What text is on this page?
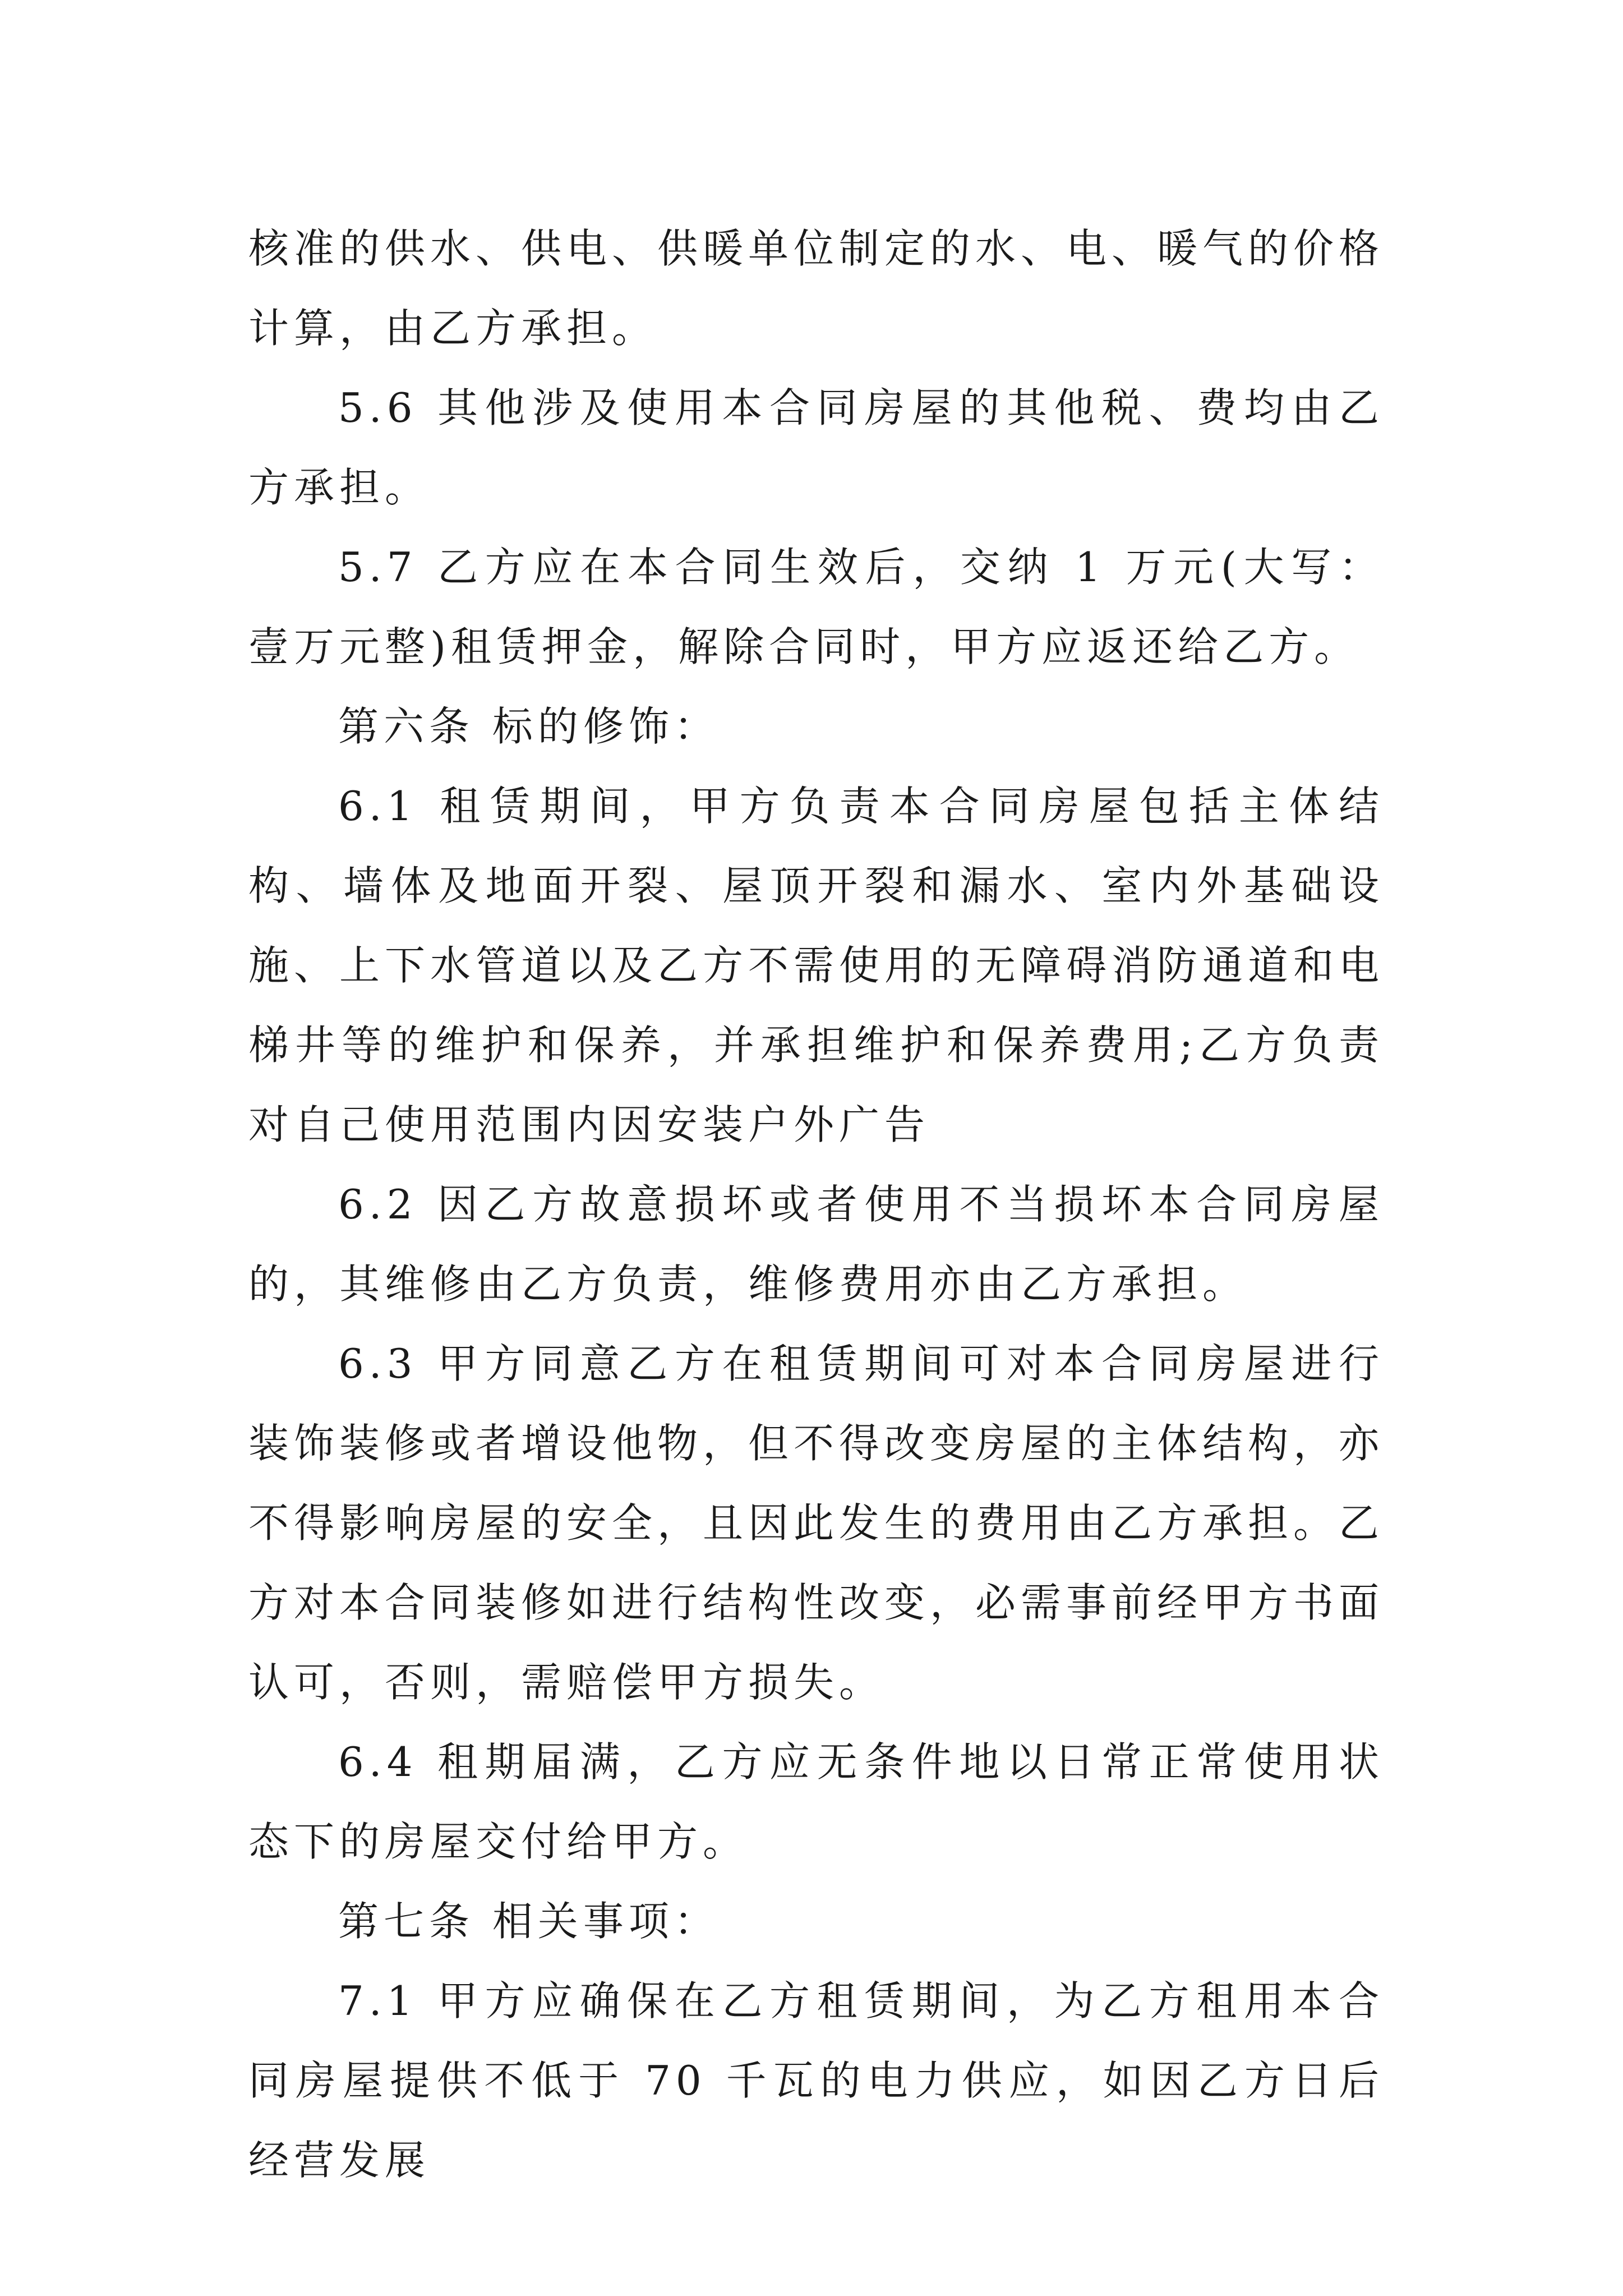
核准的供水、供电、供暖单位制定的水、电、暖气的价格计算，由乙方承担。

5.6 其他涉及使用本合同房屋的其他税、费均由乙方承担。

5.7 乙方应在本合同生效后，交纳 1 万元(大写：壹万元整)租赁押金，解除合同时，甲方应返还给乙方。

第六条 标的修饰：

6.1 租赁期间，甲方负责本合同房屋包括主体结构、墙体及地面开裂、屋顶开裂和漏水、室内外基础设施、上下水管道以及乙方不需使用的无障碍消防通道和电梯井等的维护和保养，并承担维护和保养费用;乙方负责对自己使用范围内因安装户外广告

6.2 因乙方故意损坏或者使用不当损坏本合同房屋的，其维修由乙方负责，维修费用亦由乙方承担。

6.3 甲方同意乙方在租赁期间可对本合同房屋进行装饰装修或者增设他物，但不得改变房屋的主体结构，亦不得影响房屋的安全，且因此发生的费用由乙方承担。乙方对本合同装修如进行结构性改变，必需事前经甲方书面认可，否则，需赔偿甲方损失。

6.4 租期届满，乙方应无条件地以日常正常使用状态下的房屋交付给甲方。

第七条 相关事项：

7.1 甲方应确保在乙方租赁期间，为乙方租用本合同房屋提供不低于 70 千瓦的电力供应，如因乙方日后经营发展
